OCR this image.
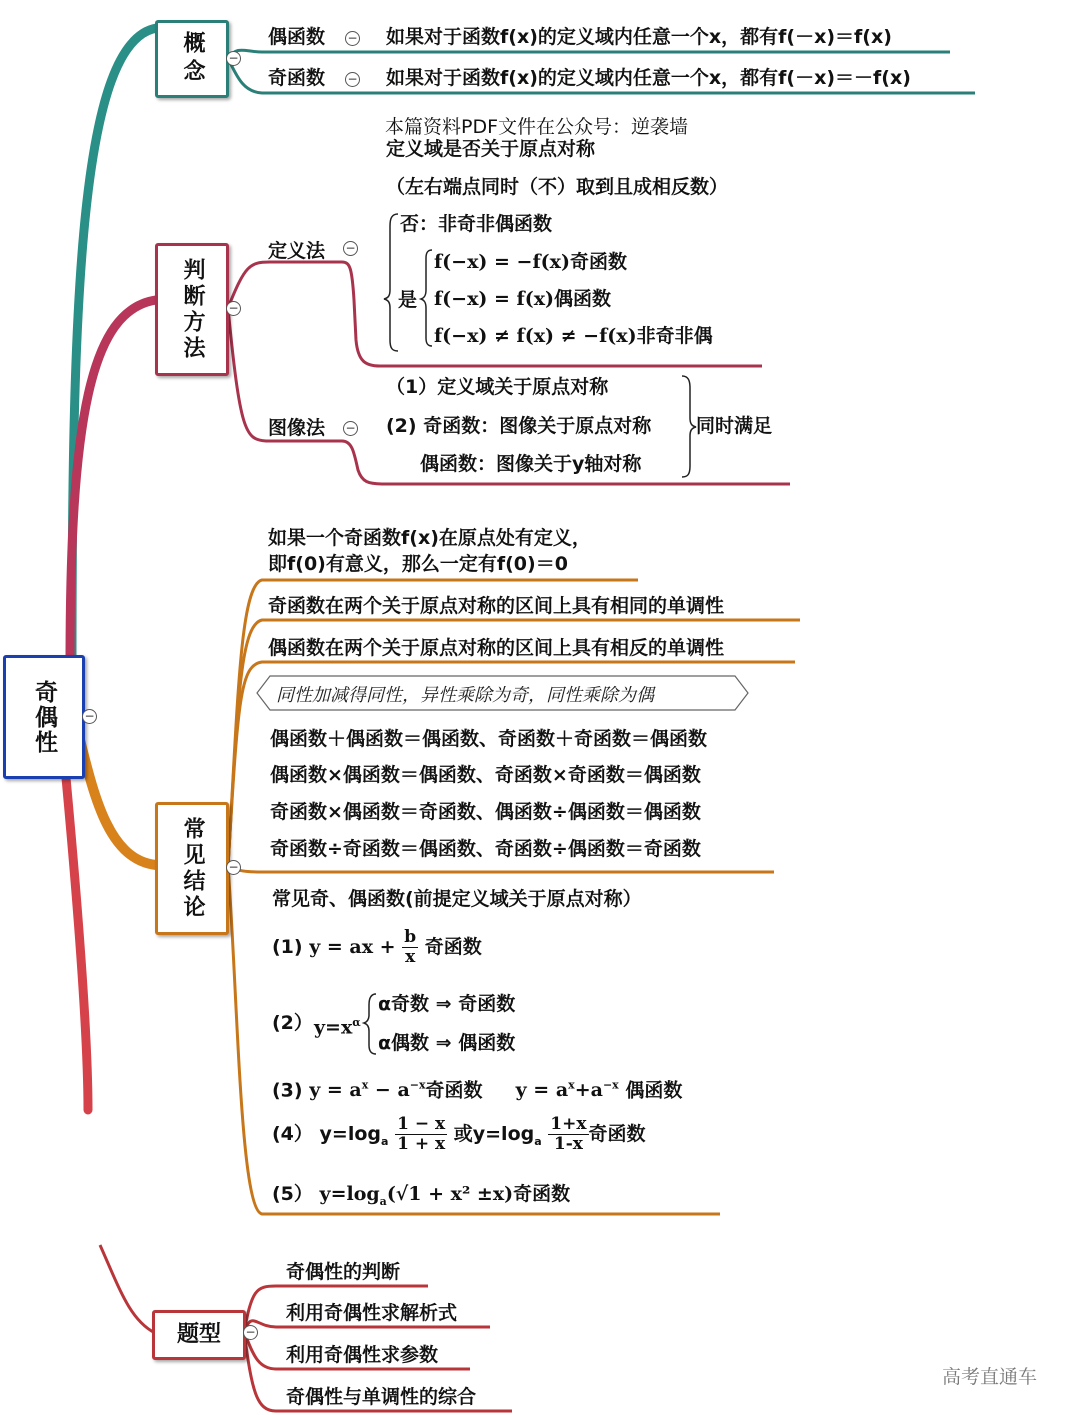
奇偶性 −
概念 −
偶函数 − 如果对于函数f(x)的定义域内任意一个x，都有f(－x)＝f(x)
奇函数 − 如果对于函数f(x)的定义域内任意一个x，都有f(－x)＝－f(x)
本篇资料PDF文件在公众号：逆袭墙
判断方法 −
定义域是否关于原点对称
（左右端点同时（不）取到且成相反数）
定义法 −
否：非奇非偶函数
是
f(−x) = −f(x)奇函数
f(−x) = f(x)偶函数
f(−x) ≠ f(x) ≠ −f(x)非奇非偶
图像法 −
（1）定义域关于原点对称
(2) 奇函数：图像关于原点对称
偶函数：图像关于y轴对称
同时满足
常见结论 −
如果一个奇函数f(x)在原点处有定义，
即f(0)有意义，那么一定有f(0)＝0
奇函数在两个关于原点对称的区间上具有相同的单调性
偶函数在两个关于原点对称的区间上具有相反的单调性
同性加减得同性，异性乘除为奇，同性乘除为偶
偶函数＋偶函数＝偶函数、奇函数＋奇函数＝偶函数
偶函数×偶函数＝偶函数、奇函数×奇函数＝偶函数
奇函数×偶函数＝奇函数、偶函数÷偶函数＝偶函数
奇函数÷奇函数＝偶函数、奇函数÷偶函数＝奇函数
常见奇、偶函数(前提定义域关于原点对称）
(1) y = ax + $\frac{b}{x}$ 奇函数
(2） $y=x^\alpha$
α奇数 ⇒ 奇函数
α偶数 ⇒ 偶函数
(3) $y = a^x - a^{-x}$奇函数 $y = a^x+a^{-x}$ 偶函数
(4） $y=\log_a \frac{1 - x}{1 + x}$ 或$y=\log_a \frac{1+x}{1-x}$ 奇函数
(5） $y=\log_a(√1 + x^2 \pm x)$奇函数
题型 −
奇偶性的判断
利用奇偶性求解析式
利用奇偶性求参数
奇偶性与单调性的综合
高考直通车
